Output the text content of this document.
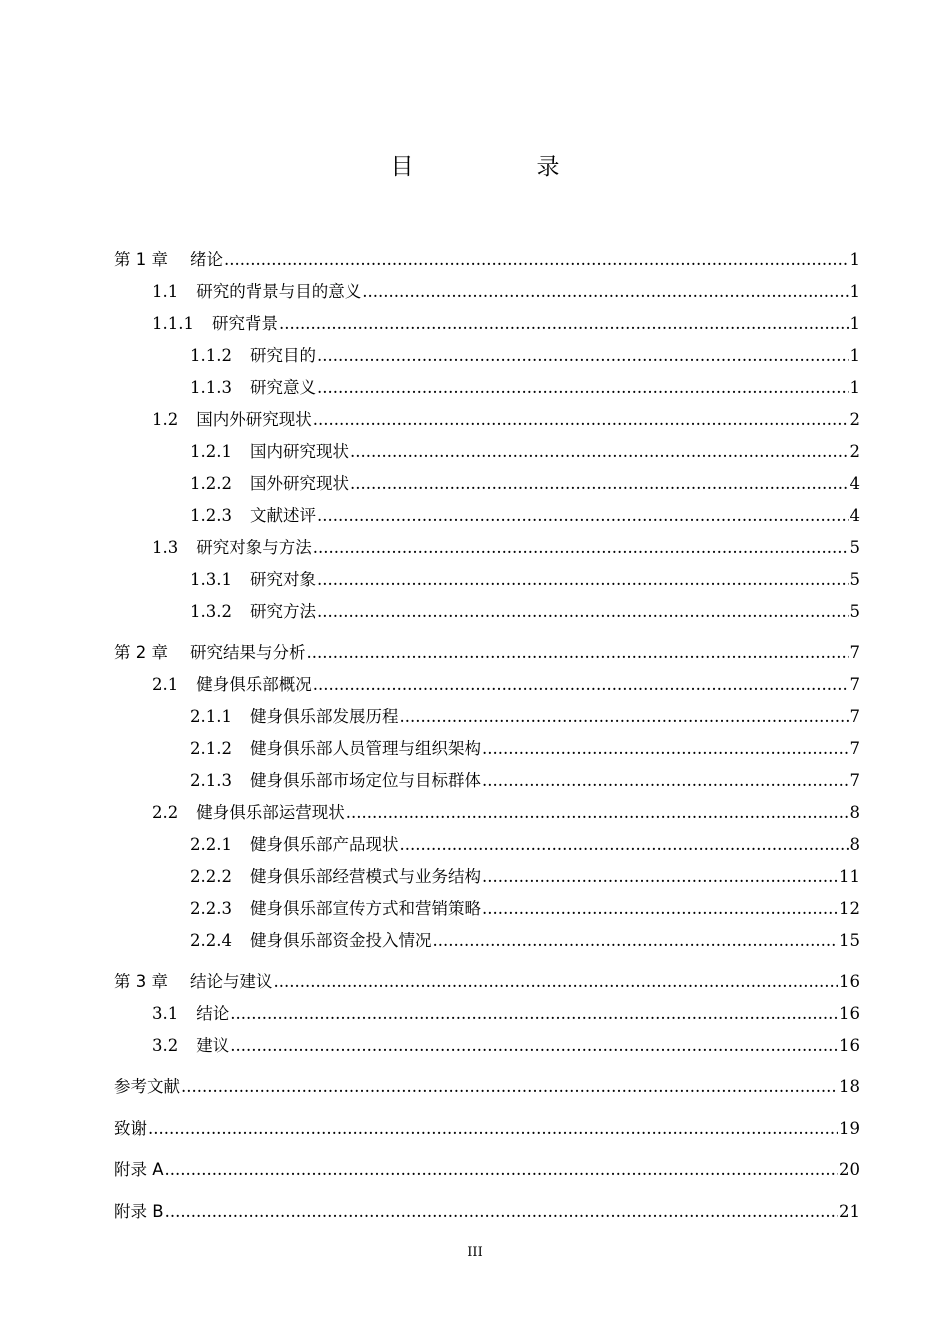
目　录
第 1 章 绪论 .....	1
1.1 研究的背景与目的意义 .....	1
1.1.1 研究背景 .....	1
1.1.2 研究目的 .....	1
1.1.3 研究意义 .....	1
1.2 国内外研究现状 .....	2
1.2.1 国内研究现状 .....	2
1.2.2 国外研究现状 .....	4
1.2.3 文献述评 .....	4
1.3 研究对象与方法 .....	5
1.3.1 研究对象 .....	5
1.3.2 研究方法 .....	5
第 2 章 研究结果与分析 .....	7
2.1 健身俱乐部概况 .....	7
2.1.1 健身俱乐部发展历程 .....	7
2.1.2 健身俱乐部人员管理与组织架构 .....	7
2.1.3 健身俱乐部市场定位与目标群体 .....	7
2.2 健身俱乐部运营现状 .....	8
2.2.1 健身俱乐部产品现状 .....	8
2.2.2 健身俱乐部经营模式与业务结构 .....	11
2.2.3 健身俱乐部宣传方式和营销策略 .....	12
2.2.4 健身俱乐部资金投入情况 .....	15
第 3 章 结论与建议 .....	16
3.1 结论 .....	16
3.2 建议 .....	16
参考文献 .....	18
致谢 .....	19
附录 A .....	20
附录 B .....	21
III
